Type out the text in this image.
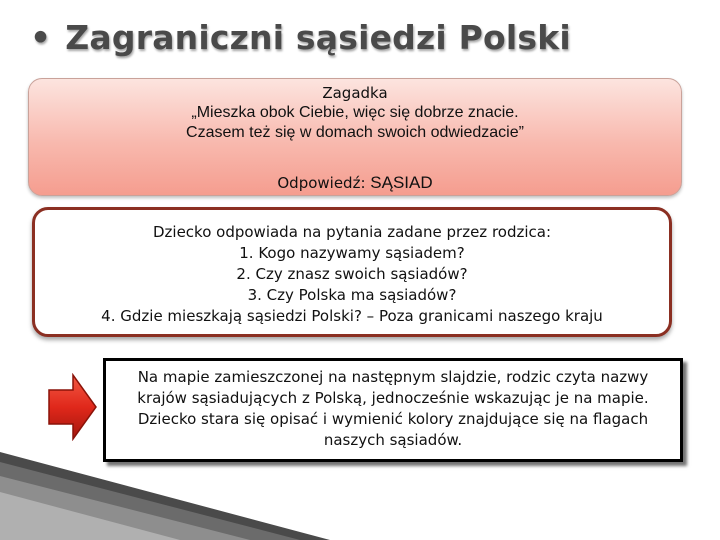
• Zagraniczni sąsiedzi Polski
Zagadka
„Mieszka obok Ciebie, więc się dobrze znacie.
Czasem też się w domach swoich odwiedzacie”
Odpowiedź: SĄSIAD
Dziecko odpowiada na pytania zadane przez rodzica:
1. Kogo nazywamy sąsiadem?
2. Czy znasz swoich sąsiadów?
3. Czy Polska ma sąsiadów?
4. Gdzie mieszkają sąsiedzi Polski? – Poza granicami naszego kraju
Na mapie zamieszczonej na następnym slajdzie, rodzic czyta nazwy krajów sąsiadujących z Polską, jednocześnie wskazując je na mapie. Dziecko stara się opisać i wymienić kolory znajdujące się na flagach naszych sąsiadów.
